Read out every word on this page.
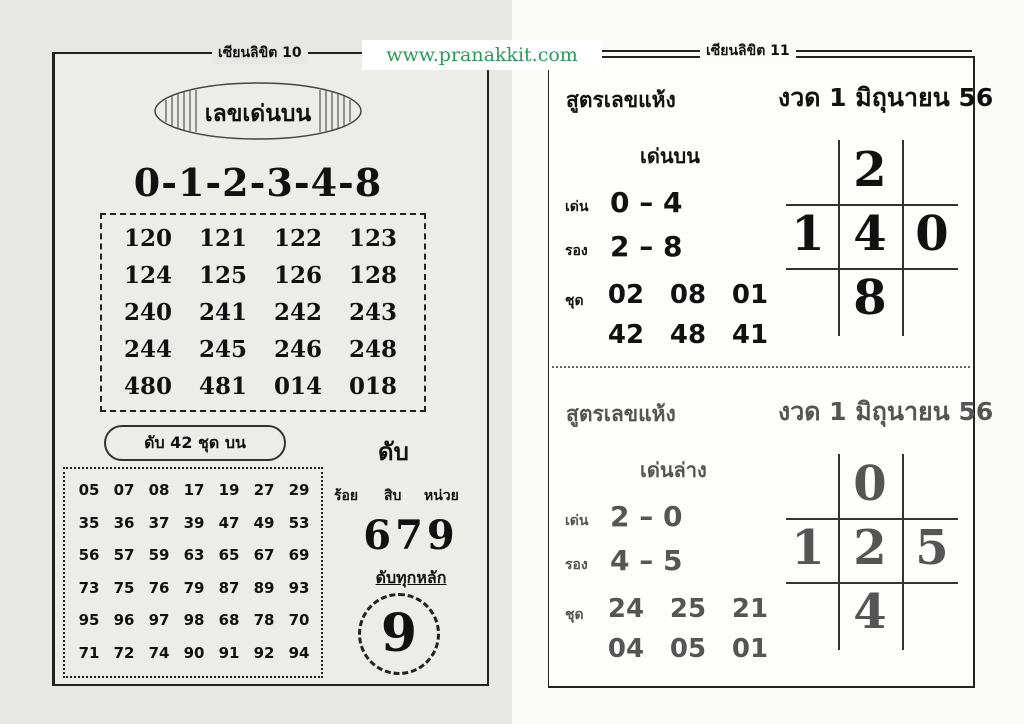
เซียนลิขิต 10
เลขเด่นบน
0-1-2-3-4-8
120	121	122	123
124	125	126	128
240	241	242	243
244	245	246	248
480	481	014	018
ดับ 42 ชุด บน
05 07 08 17 19 27 29
35 36 37 39 47 49 53
56 57 59 63 65 67 69
73 75 76 79 87 89 93
95 96 97 98 68 78 70
71 72 74 90 91 92 94
ดับ
ร้อย สิบ หน่วย
679
ดับทุกหลัก
9
เซียนลิขิต 11
สูตรเลขแห้ง	งวด 1 มิถุนายน 56
เด่นบน
เด่น 0 – 4
รอง 2 – 8
ชุด 02 08 01
42 48 41
2
1 4 0
8
สูตรเลขแห้ง	งวด 1 มิถุนายน 56
เด่นล่าง
เด่น 2 – 0
รอง 4 – 5
ชุด 24 25 21
04 05 01
0
1 2 5
4
www.pranakkit.com
